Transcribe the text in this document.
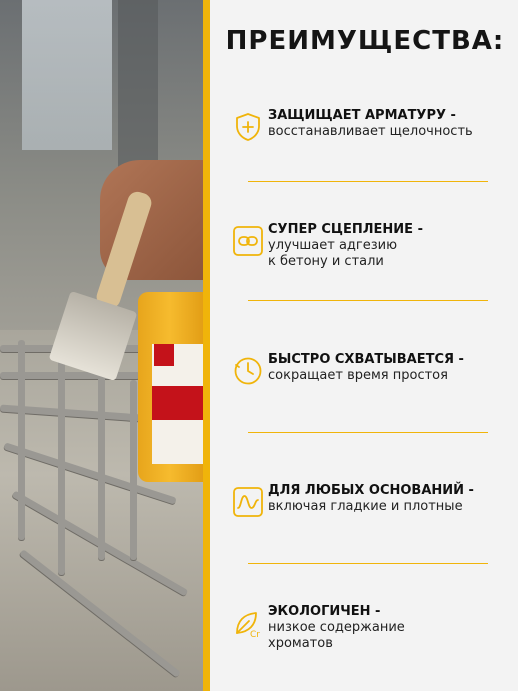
ПРЕИМУЩЕСТВА:
ЗАЩИЩАЕТ АРМАТУРУ -
восстанавливает щелочность
СУПЕР СЦЕПЛЕНИЕ -
улучшает адгезию
к бетону и стали
БЫСТРО СХВАТЫВАЕТСЯ -
сокращает время простоя
ДЛЯ ЛЮБЫХ ОСНОВАНИЙ -
включая гладкие и плотные
Cr
ЭКОЛОГИЧЕН -
низкое содержание
хроматов
